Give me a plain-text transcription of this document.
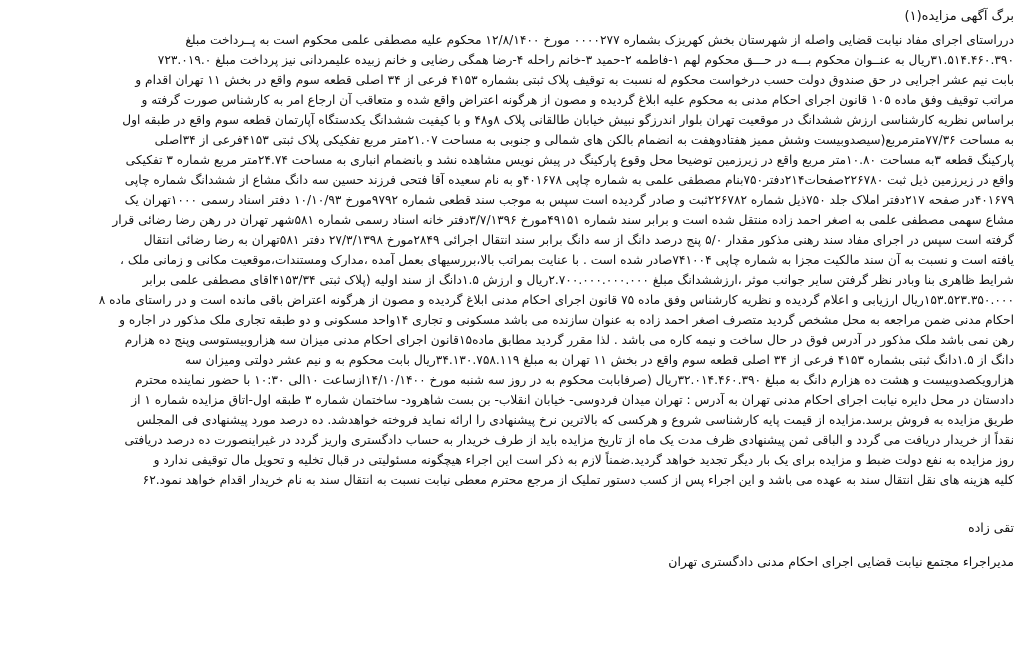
برگ آگهی مزایده(۱)
درراستای اجرای مفاد نیابت قضایی واصله از شهرستان بخش کهریزک بشماره ۰۰۰۰۲۷۷ مورخ ۱۲/۸/۱۴۰۰ محکوم علیه مصطفی علمی محکوم است به پــرداخت مبلغ
۳۱.۵۱۴.۴۶۰.۳۹۰ریال به عنــوان محکوم بـــه در حـــق محکوم لهم ۱-فاطمه ۲-حمید ۳-خانم راحله ۴-رضا همگی رضایی و خانم زبیده علیمردانی نیز پرداخت مبلغ ۷۲۳.۰۱۹.۰
بابت نیم عشر اجرایی در حق صندوق دولت حسب درخواست محکوم له نسبت به توقیف پلاک ثبتی بشماره ۴۱۵۳ فرعی از ۳۴ اصلی قطعه سوم واقع در بخش ۱۱ تهران اقدام و
مراتب توقیف وفق ماده ۱۰۵ قانون اجرای احکام مدنی به محکوم علیه ابلاغ گردیده و مصون از هرگونه اعتراض واقع شده و متعاقب آن ارجاع امر به کارشناس صورت گرفته و
براساس نظریه کارشناسی ارزش ششدانگ در موقعیت تهران بلوار اندرزگو نبیش خیابان طالقانی پلاک ۸و۴۸ و با کیفیت ششدانگ یکدستگاه آپارتمان قطعه سوم واقع در طبقه اول
به مساحت ۷۷/۳۶مترمربع(سیصدوبیست وشش ممیز هفتادوهفت به انضمام بالکن های شمالی و جنوبی به مساحت ۲۱.۰۷متر مربع تفکیکی پلاک ثبتی ۴۱۵۳فرعی از ۳۴اصلی
پارکینگ قطعه ۳به مساحت ۱۰.۸۰متر مربع واقع در زیرزمین توضیحا محل وقوع پارکینگ در پیش نویس مشاهده نشد و بانضمام انباری به مساحت ۲۴.۷۴متر مربع شماره ۳ تفکیکی
واقع در زیرزمین ذیل ثبت ۲۲۶۷۸۰صفحات۲۱۴دفتر۷۵۰بنام مصطفی علمی به شماره چاپی ۴۰۱۶۷۸و به نام سعیده آقا فتحی فرزند حسین سه دانگ مشاع از ششدانگ شماره چاپی
۴۰۱۶۷۹در صفحه ۲۱۷دفتر املاک جلد ۷۵۰ذیل شماره ۲۲۶۷۸۲ثبت و صادر گردیده است سپس به موجب سند قطعی شماره ۹۷۹۲مورخ ۱۰/۱۰/۹۳ دفتر اسناد رسمی ۱۰۰۰تهران یک
مشاع سهمی مصطفی علمی به اصغر احمد زاده منتقل شده است و برابر سند شماره ۴۹۱۵۱مورخ ۳/۷/۱۳۹۶دفتر خانه اسناد رسمی شماره ۵۸۱شهر تهران در رهن رضا رضائی قرار
گرفته است سپس در اجرای مفاد سند رهنی مذکور مقدار ۵/۰ پنج درصد دانگ از سه دانگ برابر سند انتقال اجرائی ۲۸۴۹مورخ ۲۷/۳/۱۳۹۸ دفتر ۵۸۱تهران به رضا رضائی انتقال
یافته است و نسبت به آن سند مالکیت مجزا به شماره چاپی ۷۴۱۰۰۴صادر شده است . با عنایت بمراتب بالا،بررسیهای بعمل آمده ،مدارک ومستندات،موقعیت مکانی و زمانی ملک ،
شرایط ظاهری بنا وبادر نظر گرفتن سایر جوانب موثر ،ارزششدانگ مبلغ ۲.۷۰۰.۰۰۰.۰۰۰.۰۰۰ریال و ارزش ۱.۵دانگ از سند اولیه (پلاک ثبتی ۴۱۵۳/۳۴اقای مصطفی علمی برابر
۱۵۳.۵۲۳.۳۵۰.۰۰۰ریال ارزیابی و اعلام گردیده و نظریه کارشناس وفق ماده ۷۵ قانون اجرای احکام مدنی ابلاغ گردیده و مصون از هرگونه اعتراض باقی مانده است و در راستای ماده ۸
احکام مدنی ضمن مراجعه به محل مشخص گردید متصرف اصغر احمد زاده به عنوان سازنده می باشد مسکونی و تجاری ۱۴واحد مسکونی و دو طبقه تجاری ملک مذکور در اجاره و
رهن نمی باشد ملک مذکور در آدرس فوق در حال ساخت و نیمه کاره می باشد . لذا مقرر گردید مطابق ماده۱۵قانون اجرای احکام مدنی میزان سه هزاروبیستوسی وپنج ده هزارم
دانگ از ۱.۵دانگ ثبتی بشماره ۴۱۵۳ فرعی از ۳۴ اصلی قطعه سوم واقع در بخش ۱۱ تهران به مبلغ ۳۴.۱۳۰.۷۵۸.۱۱۹ریال بابت محکوم به و نیم عشر دولتی ومیزان سه
هزارویکصدوبیست و هشت ده هزارم دانگ به مبلغ ۳۲.۰۱۴.۴۶۰.۳۹۰ریال (صرفابابت محکوم به در روز سه شنبه مورخ ۱۴/۱۰/۱۴۰۰ازساعت ۱۰الی ۱۰:۳۰ با حضور نماینده محترم
دادستان در محل دایره نیابت اجرای احکام مدنی تهران به آدرس : تهران میدان فردوسی- خیابان انقلاب- بن بست شاهرود- ساختمان شماره ۳ طبقه اول-اتاق مزایده شماره ۱ از
طریق مزایده به فروش برسد.مزایده از قیمت پایه کارشناسی شروع و هرکسی که بالاترین نرخ پیشنهادی را ارائه نماید فروخته خواهدشد. ده درصد مورد پیشنهادی فی المجلس
نقداً از خریدار دریافت می گردد و الباقی ثمن پیشنهادی ظرف مدت یک ماه از تاریخ مزایده باید از طرف خریدار به حساب دادگستری واریز گردد در غیراینصورت ده درصد دریافتی
روز مزایده به نفع دولت ضبط و مزایده برای یک بار دیگر تجدید خواهد گردید.ضمناً لازم به ذکر است این اجراء هیچگونه مسئولیتی در قبال تخلیه و تحویل مال توقیفی ندارد و
کلیه هزینه های نقل انتقال سند به عهده می باشد و این اجراء پس از کسب دستور تملیک از مرجع محترم معطی نیابت نسبت به انتقال سند به نام خریدار اقدام خواهد نمود.۶۲
تقی زاده
مدیراجراء مجتمع نیابت قضایی اجرای احکام مدنی دادگستری تهران
